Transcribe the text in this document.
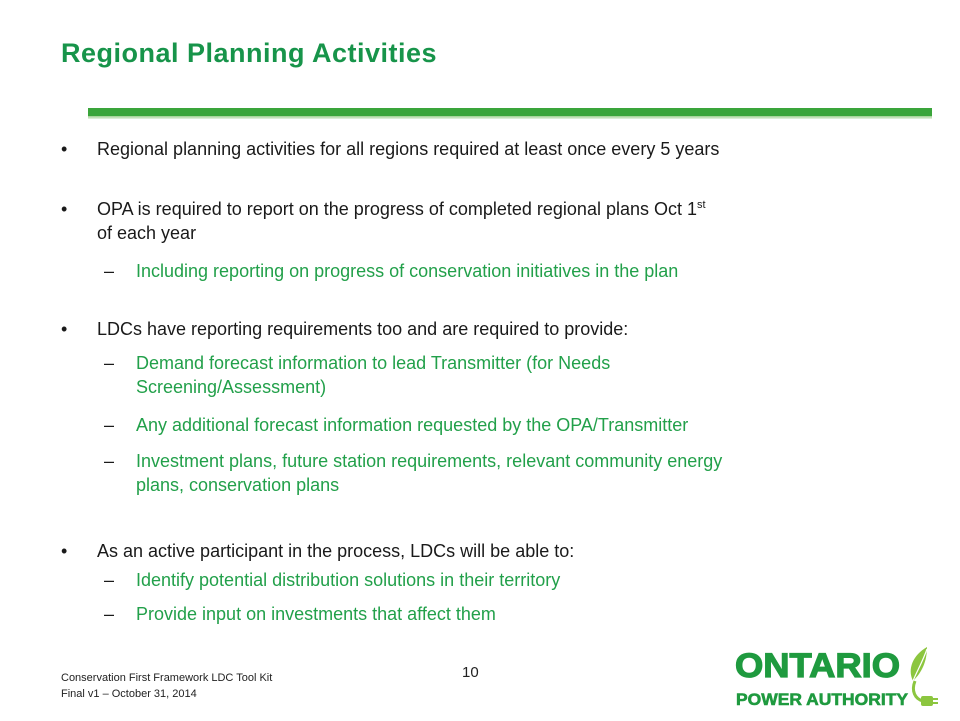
Regional Planning Activities
• Regional planning activities for all regions required at least once every 5 years
• OPA is required to report on the progress of completed regional plans Oct 1st
of each year
– Including reporting on progress of conservation initiatives in the plan
• LDCs have reporting requirements too and are required to provide:
– Demand forecast information to lead Transmitter (for Needs
Screening/Assessment)
– Any additional forecast information requested by the OPA/Transmitter
– Investment plans, future station requirements, relevant community energy
plans, conservation plans
• As an active participant in the process, LDCs will be able to:
– Identify potential distribution solutions in their territory
– Provide input on investments that affect them
Conservation First Framework LDC Tool Kit
Final v1 – October 31, 2014
10	ONTARIO
POWER AUTHORITY
